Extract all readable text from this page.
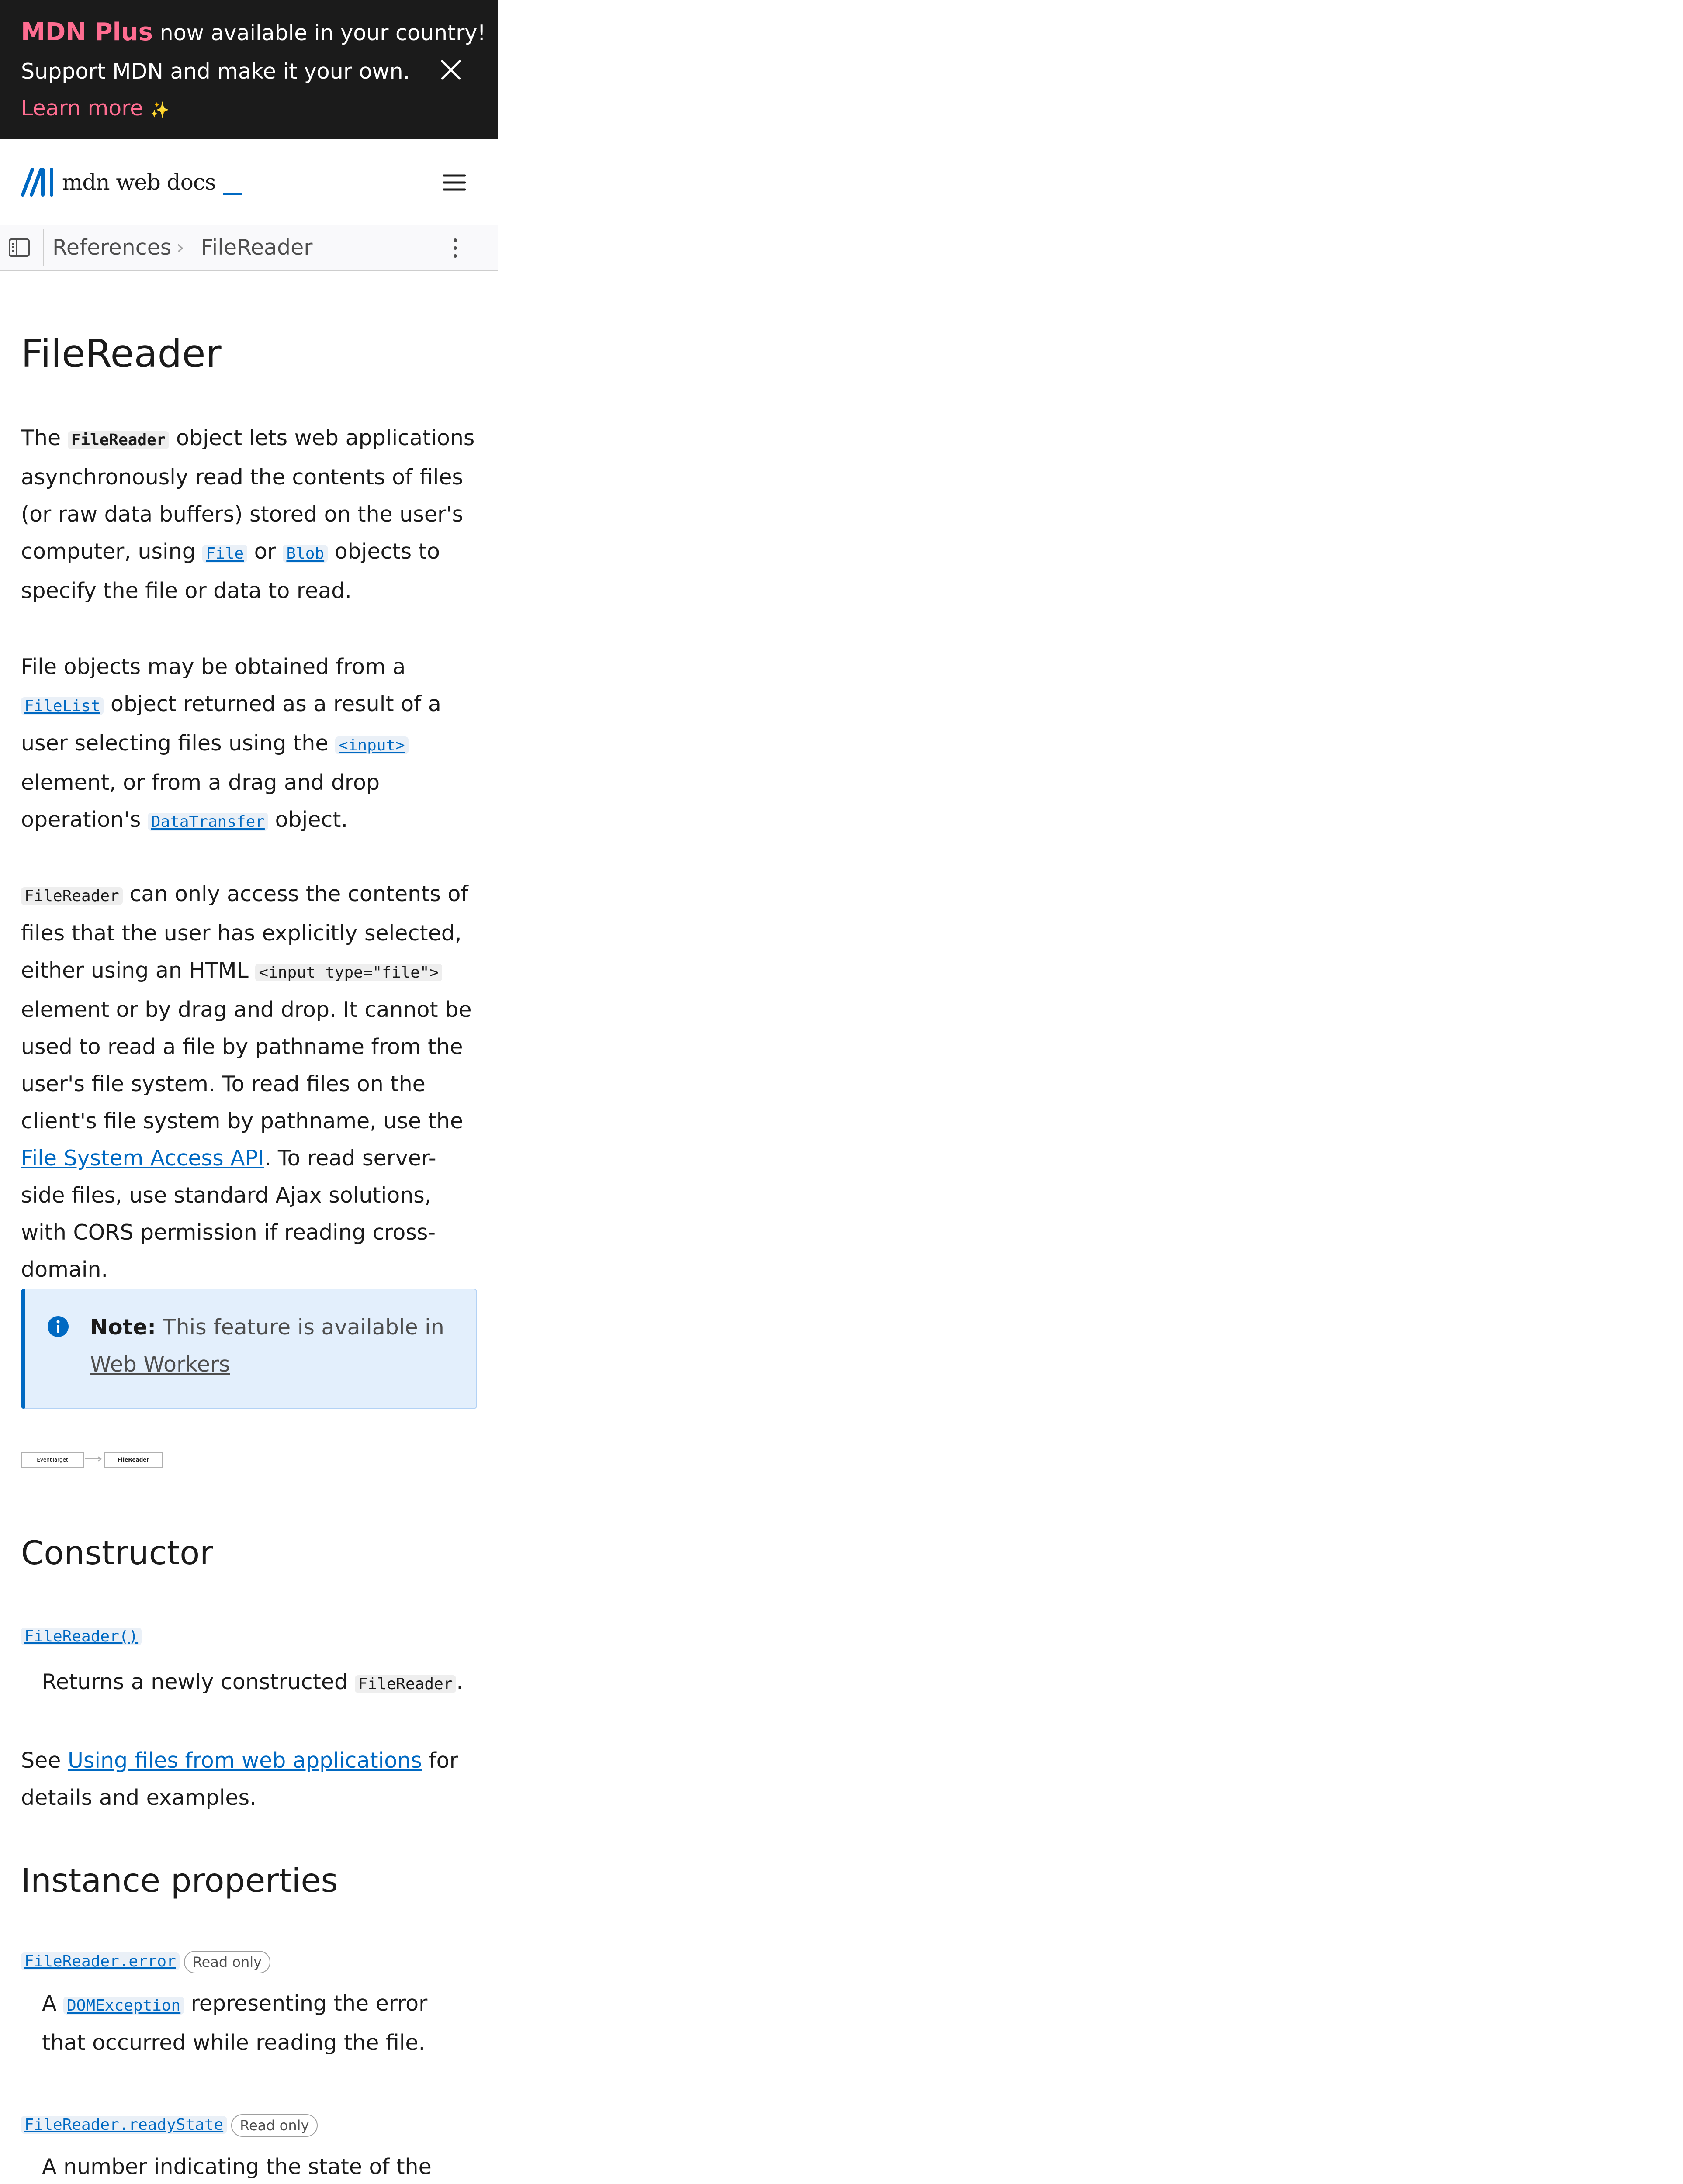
MDN Plus now available in your country!
Support MDN and make it your own.
Learn more ✨
mdn web docs
References › FileReader
FileReader

The FileReader object lets web applications asynchronously read the contents of files (or raw data buffers) stored on the user's computer, using File or Blob objects to specify the file or data to read.

File objects may be obtained from a FileList object returned as a result of a user selecting files using the <input> element, or from a drag and drop operation's DataTransfer object.

FileReader can only access the contents of files that the user has explicitly selected, either using an HTML <input type="file"> element or by drag and drop. It cannot be used to read a file by pathname from the user's file system. To read files on the client's file system by pathname, use the File System Access API. To read server-side files, use standard Ajax solutions, with CORS permission if reading cross-domain.

Note: This feature is available in Web Workers
EventTarget	FileReader
Constructor
FileReader()

Returns a newly constructed FileReader .

See Using files from web applications for details and examples.

Instance properties
FileReader.error Read only

A DOMException representing the error that occurred while reading the file.

FileReader.readyState Read only

A number indicating the state of the
